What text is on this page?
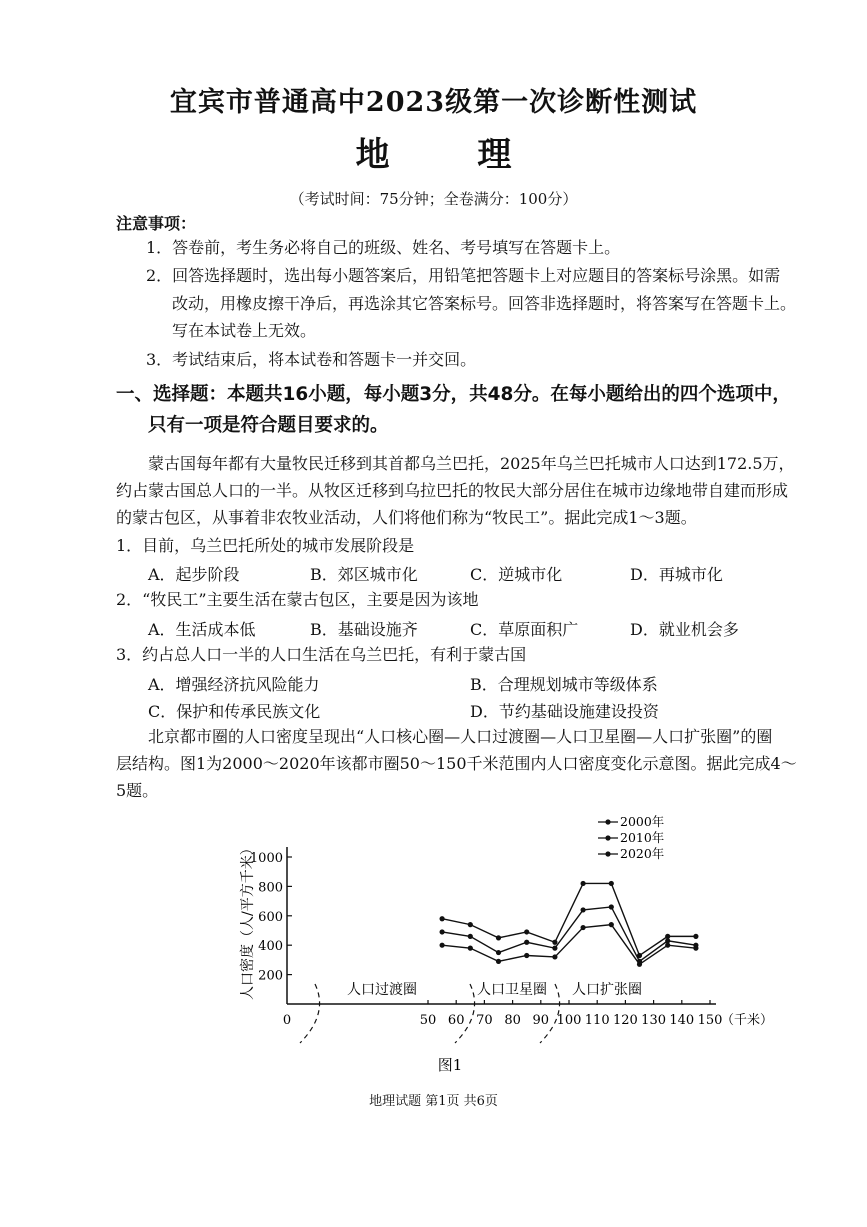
宜宾市普通高中2023级第一次诊断性测试
地 理
（考试时间：75分钟；全卷满分：100分）
注意事项：
1．答卷前，考生务必将自己的班级、姓名、考号填写在答题卡上。
2．回答选择题时，选出每小题答案后，用铅笔把答题卡上对应题目的答案标号涂黑。如需
改动，用橡皮擦干净后，再选涂其它答案标号。回答非选择题时，将答案写在答题卡上。
写在本试卷上无效。
3．考试结束后，将本试卷和答题卡一并交回。
一、选择题：本题共16小题，每小题3分，共48分。在每小题给出的四个选项中，
只有一项是符合题目要求的。
蒙古国每年都有大量牧民迁移到其首都乌兰巴托，2025年乌兰巴托城市人口达到172.5万，
约占蒙古国总人口的一半。从牧区迁移到乌拉巴托的牧民大部分居住在城市边缘地带自建而形成
的蒙古包区，从事着非农牧业活动，人们将他们称为“牧民工”。据此完成1～3题。
1．目前，乌兰巴托所处的城市发展阶段是
A．起步阶段	B．郊区城市化	C．逆城市化	D．再城市化
2．“牧民工”主要生活在蒙古包区，主要是因为该地
A．生活成本低	B．基础设施齐	C．草原面积广	D．就业机会多
3．约占总人口一半的人口生活在乌兰巴托，有利于蒙古国
A．增强经济抗风险能力	B．合理规划城市等级体系
C．保护和传承民族文化	D．节约基础设施建设投资
北京都市圈的人口密度呈现出“人口核心圈—人口过渡圈—人口卫星圈—人口扩张圈”的圈
层结构。图1为2000～2020年该都市圈50～150千米范围内人口密度变化示意图。据此完成4～
5题。
2000年
2010年
2020年
200
400
600
800
1000
0	50 60 70 80 90 100 110 120 130 140 150
（千米）
人口密度（人/平方千米）	人口过渡圈	人口卫星圈 人口扩张圈
图1
地理试题 第1页 共6页
